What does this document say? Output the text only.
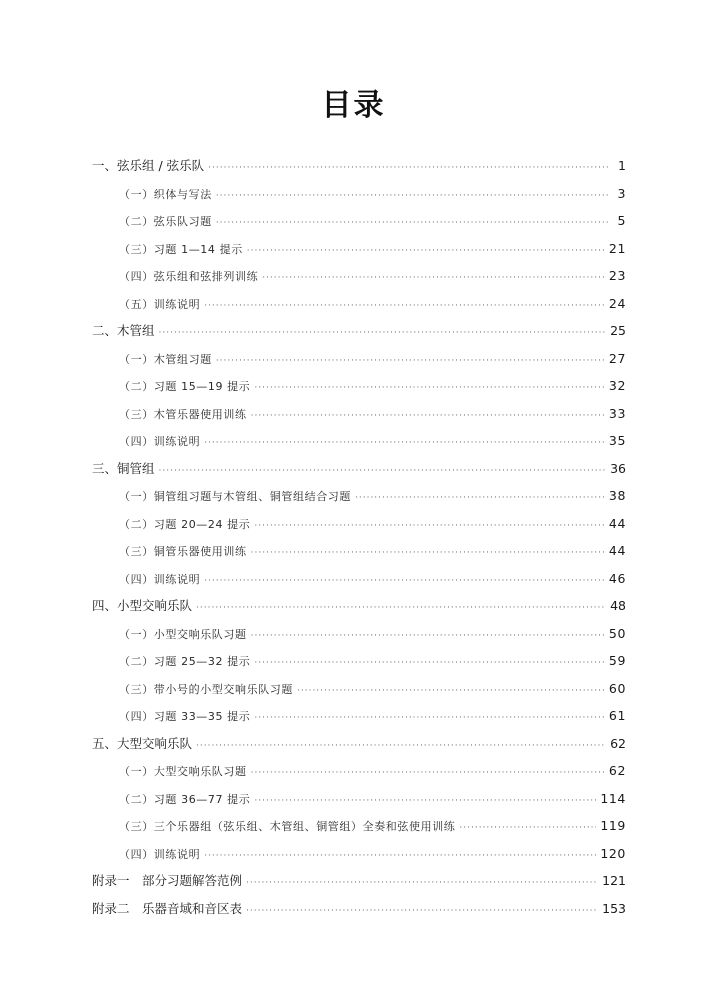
目录
一、弦乐组 / 弦乐队 ·····	1
（一）织体与写法 ·····	3
（二）弦乐队习题 ·····	5
（三）习题 1—14 提示 ·····	21
（四）弦乐组和弦排列训练 ·····	23
（五）训练说明 ·····	24
二、木管组 ·····	25
（一）木管组习题 ·····	27
（二）习题 15—19 提示 ·····	32
（三）木管乐器使用训练 ·····	33
（四）训练说明 ·····	35
三、铜管组 ·····	36
（一）铜管组习题与木管组、铜管组结合习题 ·····	38
（二）习题 20—24 提示 ·····	44
（三）铜管乐器使用训练 ·····	44
（四）训练说明 ·····	46
四、小型交响乐队 ·····	48
（一）小型交响乐队习题 ·····	50
（二）习题 25—32 提示 ·····	59
（三）带小号的小型交响乐队习题 ·····	60
（四）习题 33—35 提示 ·····	61
五、大型交响乐队 ·····	62
（一）大型交响乐队习题 ·····	62
（二）习题 36—77 提示 ·····	114
（三）三个乐器组（弦乐组、木管组、铜管组）全奏和弦使用训练 ·····	119
（四）训练说明 ·····	120
附录一　部分习题解答范例 ·····	121
附录二　乐器音域和音区表 ·····	153
